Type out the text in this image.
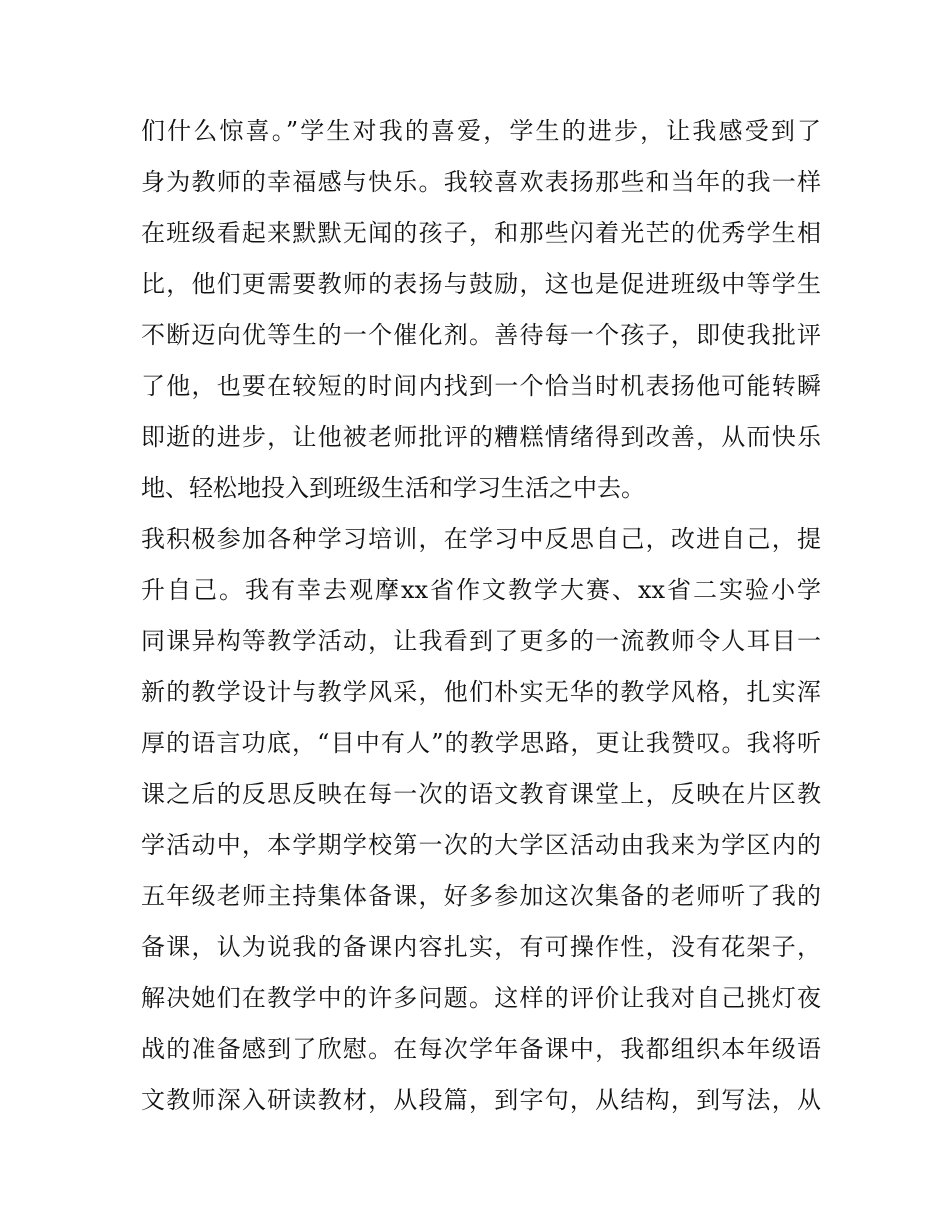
们什么惊喜。”学生对我的喜爱，学生的进步，让我感受到了
身为教师的幸福感与快乐。我较喜欢表扬那些和当年的我一样
在班级看起来默默无闻的孩子，和那些闪着光芒的优秀学生相
比，他们更需要教师的表扬与鼓励，这也是促进班级中等学生
不断迈向优等生的一个催化剂。善待每一个孩子，即使我批评
了他，也要在较短的时间内找到一个恰当时机表扬他可能转瞬
即逝的进步，让他被老师批评的糟糕情绪得到改善，从而快乐
地、轻松地投入到班级生活和学习生活之中去。
我积极参加各种学习培训，在学习中反思自己，改进自己，提
升自己。我有幸去观摩xx省作文教学大赛、xx省二实验小学
同课异构等教学活动，让我看到了更多的一流教师令人耳目一
新的教学设计与教学风采，他们朴实无华的教学风格，扎实浑
厚的语言功底，“目中有人”的教学思路，更让我赞叹。我将听
课之后的反思反映在每一次的语文教育课堂上，反映在片区教
学活动中，本学期学校第一次的大学区活动由我来为学区内的
五年级老师主持集体备课，好多参加这次集备的老师听了我的
备课，认为说我的备课内容扎实，有可操作性，没有花架子，
解决她们在教学中的许多问题。这样的评价让我对自己挑灯夜
战的准备感到了欣慰。在每次学年备课中，我都组织本年级语
文教师深入研读教材，从段篇，到字句，从结构，到写法，从
